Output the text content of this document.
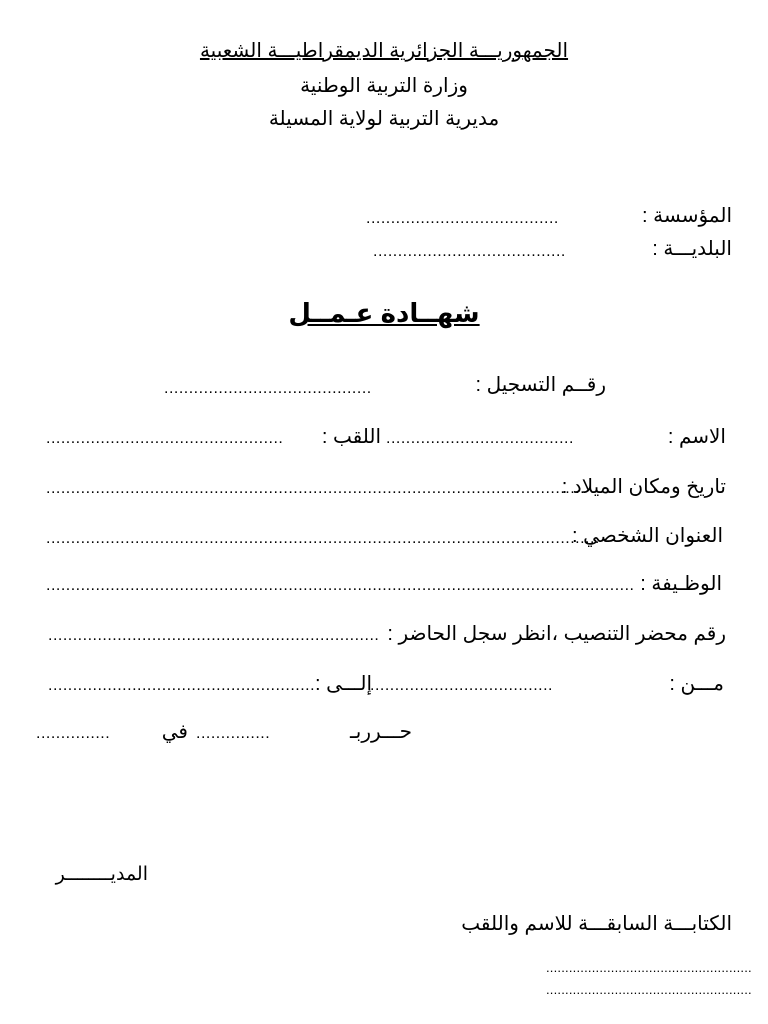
الجمهوريـــة الجزائرية الديمقراطيـــة الشعبية
وزارة التربية الوطنية
مديرية التربية لولاية المسيلة
المؤسسة :
.......................................
البلديـــة :
.......................................
شهــادة عـمــل
رقــم التسجيل :
..........................................
الاسم :
......................................
اللقب :
................................................
تاريخ ومكان الميلاد :
.............................................................................................................
العنوان الشخصي :
................................................................................................................
الوظـيفة :
.......................................................................................................................
رقم محضر التنصيب ،انظر سجل الحاضر :
...................................................................
مـــن :
.....................................
إلـــى :
......................................................
حـــرربـ
...............
في
...............
المديــــــــر
الكتابـــة السابقـــة للاسم واللقب
......................................................
......................................................
